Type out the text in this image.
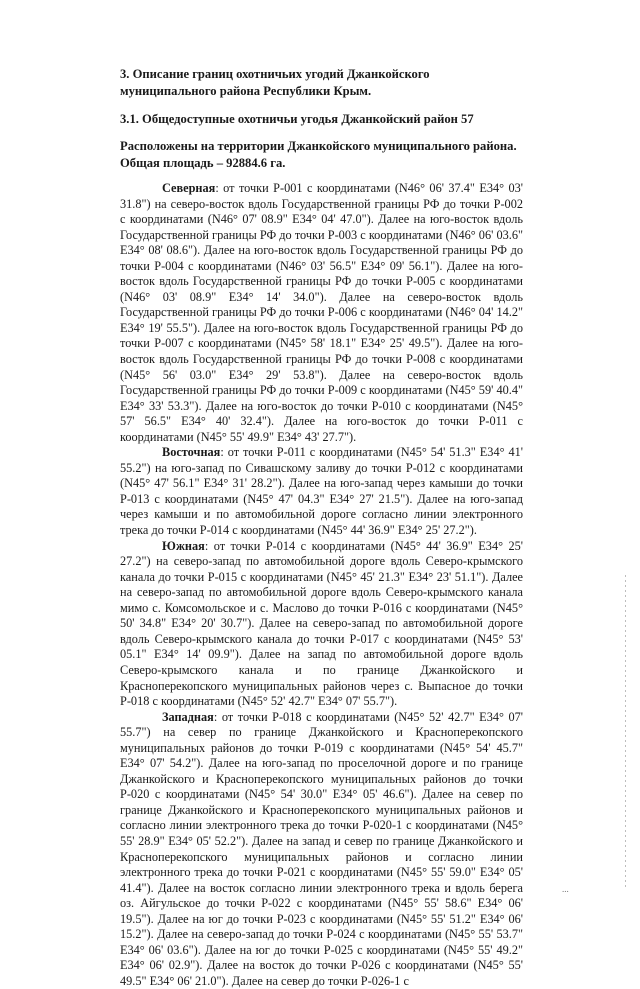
3. Описание границ охотничьих угодий Джанкойского муниципального района Республики Крым.
3.1. Общедоступные охотничьи угодья Джанкойский район 57
Расположены на территории Джанкойского муниципального района.
Общая площадь – 92884.6 га.

Северная: от точки Р-001 с координатами (N46° 06' 37.4" E34° 03' 31.8") на северо-восток вдоль Государственной границы РФ до точки Р-002 с координатами (N46° 07' 08.9" E34° 04' 47.0"). Далее на юго-восток вдоль Государственной границы РФ до точки Р-003 с координатами (N46° 06' 03.6" E34° 08' 08.6"). Далее на юго-восток вдоль Государственной границы РФ до точки Р-004 с координатами (N46° 03' 56.5" E34° 09' 56.1"). Далее на юго-восток вдоль Государственной границы РФ до точки Р-005 с координатами (N46° 03' 08.9" E34° 14' 34.0"). Далее на северо-восток вдоль Государственной границы РФ до точки Р-006 с координатами (N46° 04' 14.2" E34° 19' 55.5"). Далее на юго-восток вдоль Государственной границы РФ до точки Р-007 с координатами (N45° 58' 18.1" E34° 25' 49.5"). Далее на юго-восток вдоль Государственной границы РФ до точки Р-008 с координатами (N45° 56' 03.0" E34° 29' 53.8"). Далее на северо-восток вдоль Государственной границы РФ до точки Р-009 с координатами (N45° 59' 40.4" E34° 33' 53.3"). Далее на юго-восток до точки Р-010 с координатами (N45° 57' 56.5" E34° 40' 32.4"). Далее на юго-восток до точки Р-011 с координатами (N45° 55' 49.9" E34° 43' 27.7").

Восточная: от точки Р-011 с координатами (N45° 54' 51.3" E34° 41' 55.2") на юго-запад по Сивашскому заливу до точки Р-012 с координатами (N45° 47' 56.1" E34° 31' 28.2"). Далее на юго-запад через камыши до точки Р-013 с координатами (N45° 47' 04.3" E34° 27' 21.5"). Далее на юго-запад через камыши и по автомобильной дороге согласно линии электронного трека до точки Р-014 с координатами (N45° 44' 36.9" E34° 25' 27.2").

Южная: от точки Р-014 с координатами (N45° 44' 36.9" E34° 25' 27.2") на северо-запад по автомобильной дороге вдоль Северо-крымского канала до точки Р-015 с координатами (N45° 45' 21.3" E34° 23' 51.1"). Далее на северо-запад по автомобильной дороге вдоль Северо-крымского канала мимо с. Комсомольское и с. Маслово до точки Р-016 с координатами (N45° 50' 34.8" E34° 20' 30.7"). Далее на северо-запад по автомобильной дороге вдоль Северо-крымского канала до точки Р-017 с координатами (N45° 53' 05.1" E34° 14' 09.9"). Далее на запад по автомобильной дороге вдоль Северо-крымского канала и по границе Джанкойского и Красноперекопского муниципальных районов через с. Выпасное до точки Р-018 с координатами (N45° 52' 42.7" E34° 07' 55.7").

Западная: от точки Р-018 с координатами (N45° 52' 42.7" E34° 07' 55.7") на север по границе Джанкойского и Красноперекопского муниципальных районов до точки Р-019 с координатами (N45° 54' 45.7" E34° 07' 54.2"). Далее на юго-запад по проселочной дороге и по границе Джанкойского и Красноперекопского муниципальных районов до точки Р-020 с координатами (N45° 54' 30.0" E34° 05' 46.6"). Далее на север по границе Джанкойского и Красноперекопского муниципальных районов и согласно линии электронного трека до точки Р-020-1 с координатами (N45° 55' 28.9" E34° 05' 52.2"). Далее на запад и север по границе Джанкойского и Красноперекопского муниципальных районов и согласно линии электронного трека до точки Р-021 с координатами (N45° 55' 59.0" E34° 05' 41.4"). Далее на восток согласно линии электронного трека и вдоль берега оз. Айгульское до точки Р-022 с координатами (N45° 55' 58.6" E34° 06' 19.5"). Далее на юг до точки Р-023 с координатами (N45° 55' 51.2" E34° 06' 15.2"). Далее на северо-запад до точки Р-024 с координатами (N45° 55' 53.7" E34° 06' 03.6"). Далее на юг до точки Р-025 с координатами (N45° 55' 49.2" E34° 06' 02.9"). Далее на восток до точки Р-026 с координатами (N45° 55' 49.5" E34° 06' 21.0"). Далее на север до точки Р-026-1 с

...
